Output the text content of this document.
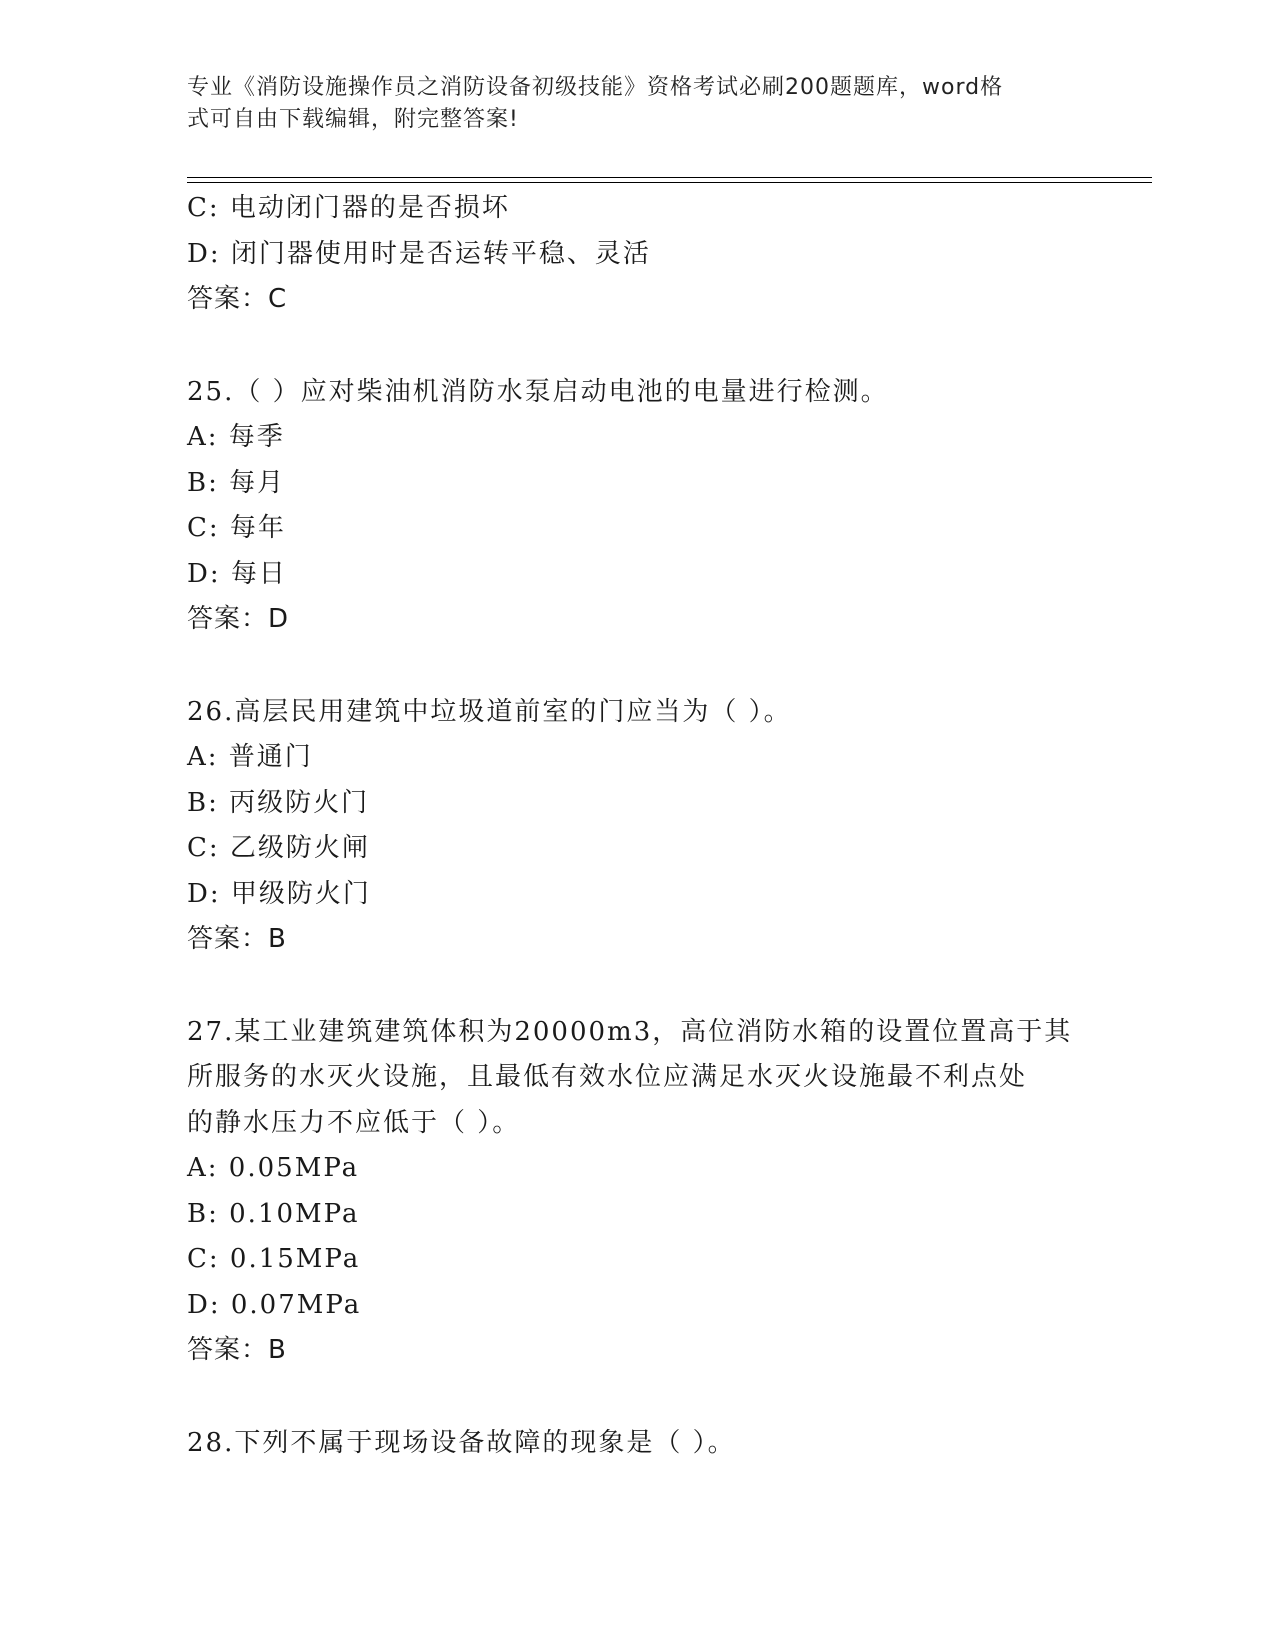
专业《消防设施操作员之消防设备初级技能》资格考试必刷200题题库，word格
式可自由下载编辑，附完整答案!
C: 电动闭门器的是否损坏
D: 闭门器使用时是否运转平稳、灵活
答案：C
25.（ ）应对柴油机消防水泵启动电池的电量进行检测。
A: 每季
B: 每月
C: 每年
D: 每日
答案：D
26.高层民用建筑中垃圾道前室的门应当为（ ）。
A: 普通门
B: 丙级防火门
C: 乙级防火闸
D: 甲级防火门
答案：B
27.某工业建筑建筑体积为20000m3，高位消防水箱的设置位置高于其
所服务的水灭火设施，且最低有效水位应满足水灭火设施最不利点处
的静水压力不应低于（ ）。
A: 0.05MPa
B: 0.10MPa
C: 0.15MPa
D: 0.07MPa
答案：B
28.下列不属于现场设备故障的现象是（ ）。
